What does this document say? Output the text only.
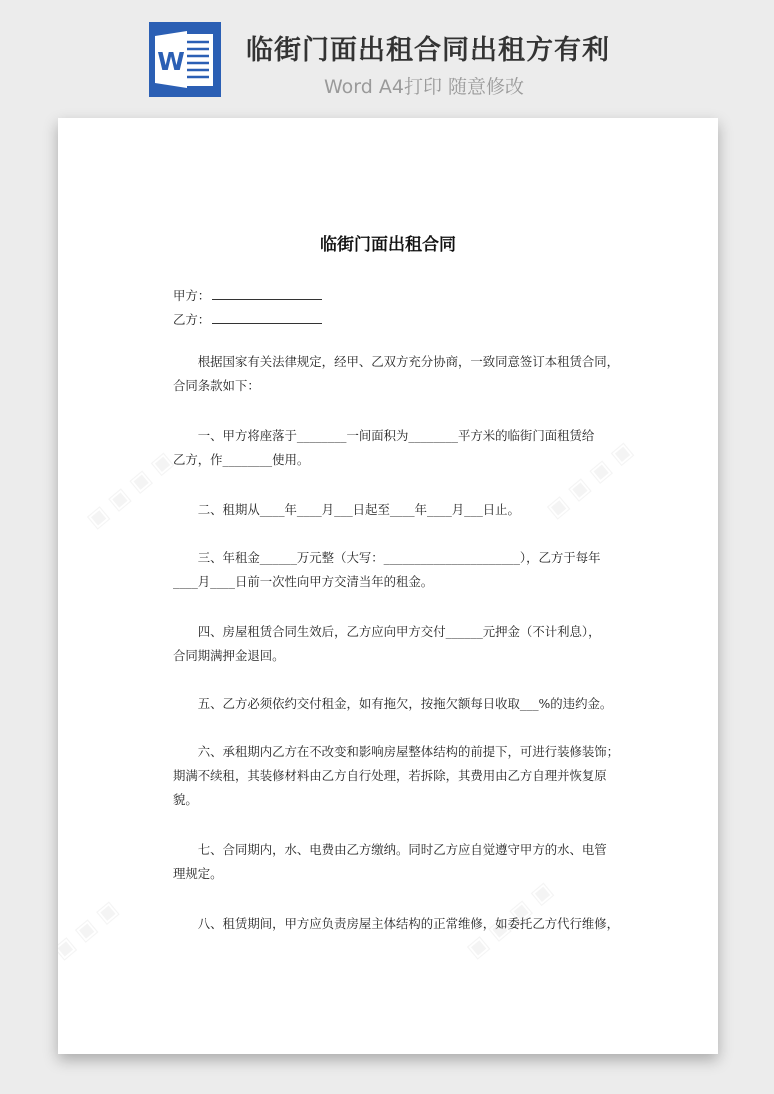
W 临街门面出租合同出租方有利
Word A4打印 随意修改
临街门面出租合同
甲方：
乙方：
　　根据国家有关法律规定，经甲、乙双方充分协商，一致同意签订本租赁合同，
合同条款如下：
　　一、甲方将座落于________一间面积为________平方米的临街门面租赁给
乙方，作________使用。
　　二、租期从____年____月___日起至____年____月___日止。
　　三、年租金______万元整（大写：______________________），乙方于每年
____月____日前一次性向甲方交清当年的租金。
　　四、房屋租赁合同生效后，乙方应向甲方交付______元押金（不计利息），
合同期满押金退回。
　　五、乙方必须依约交付租金，如有拖欠，按拖欠额每日收取___%的违约金。
　　六、承租期内乙方在不改变和影响房屋整体结构的前提下，可进行装修装饰；
期满不续租，其装修材料由乙方自行处理，若拆除，其费用由乙方自理并恢复原
貌。
　　七、合同期内，水、电费由乙方缴纳。同时乙方应自觉遵守甲方的水、电管
理规定。
　　八、租赁期间，甲方应负责房屋主体结构的正常维修，如委托乙方代行维修，
